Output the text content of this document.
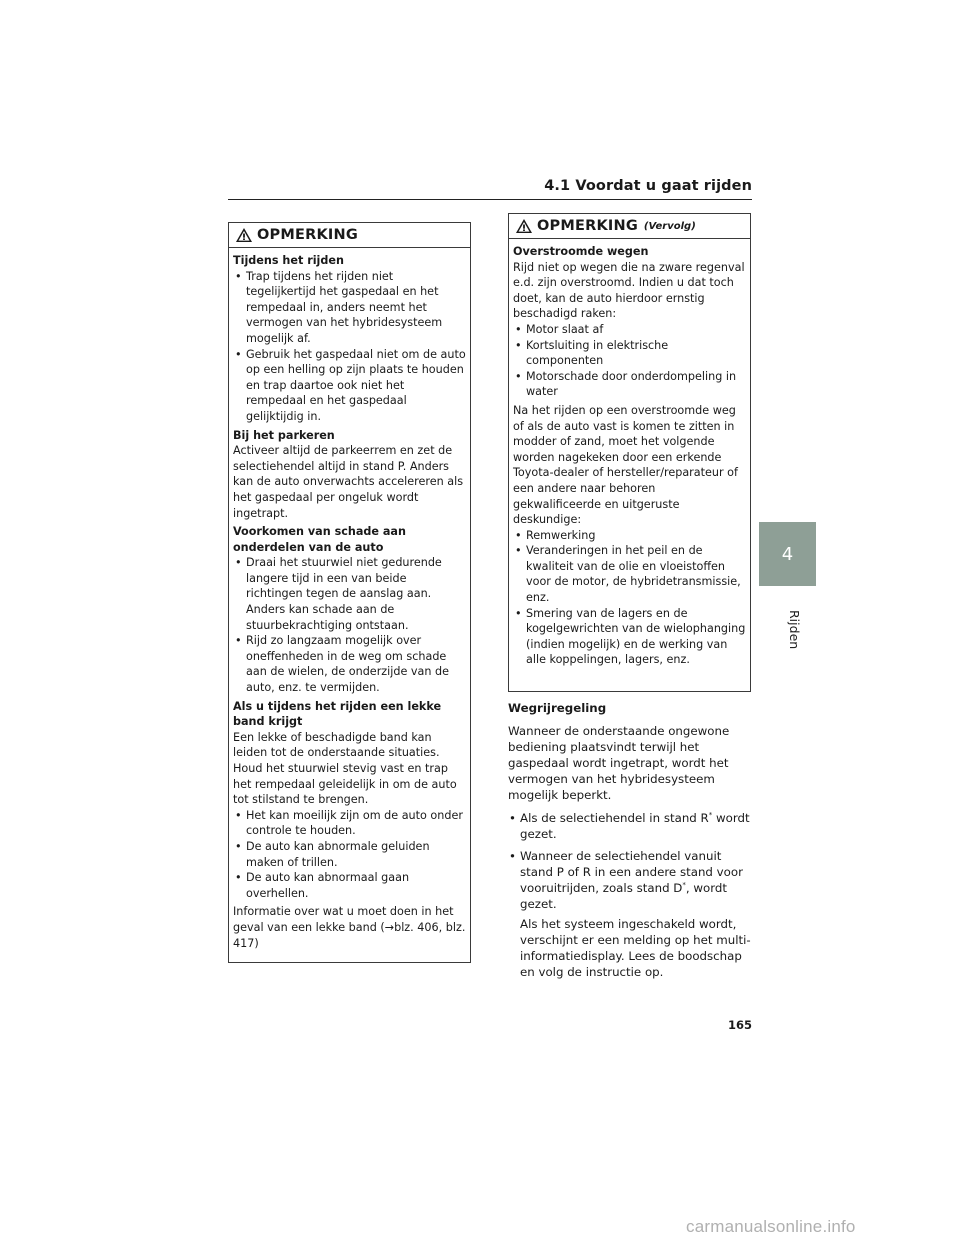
4.1 Voordat u gaat rijden
OPMERKING
Tijdens het rijden
• Trap tijdens het rijden niet tegelijkertijd het gaspedaal en het rempedaal in, anders neemt het vermogen van het hybridesysteem mogelijk af.
• Gebruik het gaspedaal niet om de auto op een helling op zijn plaats te houden en trap daartoe ook niet het rempedaal en het gaspedaal gelijktijdig in.
Bij het parkeren

Activeer altijd de parkeerrem en zet de selectiehendel altijd in stand P. Anders kan de auto onverwachts accelereren als het gaspedaal per ongeluk wordt ingetrapt.

Voorkomen van schade aan onderdelen van de auto
• Draai het stuurwiel niet gedurende langere tijd in een van beide richtingen tegen de aanslag aan. Anders kan schade aan de stuurbekrachtiging ontstaan.
• Rijd zo langzaam mogelijk over oneffenheden in de weg om schade aan de wielen, de onderzijde van de auto, enz. te vermijden.
Als u tijdens het rijden een lekke band krijgt

Een lekke of beschadigde band kan leiden tot de onderstaande situaties. Houd het stuurwiel stevig vast en trap het rempedaal geleidelijk in om de auto tot stilstand te brengen.

• Het kan moeilijk zijn om de auto onder controle te houden.
• De auto kan abnormale geluiden maken of trillen.
• De auto kan abnormaal gaan overhellen.

Informatie over wat u moet doen in het geval van een lekke band (→blz. 406, blz. 417)

OPMERKING (Vervolg)
Overstroomde wegen

Rijd niet op wegen die na zware regenval e.d. zijn overstroomd. Indien u dat toch doet, kan de auto hierdoor ernstig beschadigd raken:

• Motor slaat af
• Kortsluiting in elektrische componenten
• Motorschade door onderdompeling in water

Na het rijden op een overstroomde weg of als de auto vast is komen te zitten in modder of zand, moet het volgende worden nagekeken door een erkende Toyota-dealer of hersteller/reparateur of een andere naar behoren gekwalificeerde en uitgeruste deskundige:

• Remwerking
• Veranderingen in het peil en de kwaliteit van de olie en vloeistoffen voor de motor, de hybridetransmissie, enz.
• Smering van de lagers en de kogelgewrichten van de wielophanging (indien mogelijk) en de werking van alle koppelingen, lagers, enz.
Wegrijregeling

Wanneer de onderstaande ongewone bediening plaatsvindt terwijl het gaspedaal wordt ingetrapt, wordt het vermogen van het hybridesysteem mogelijk beperkt.

• Als de selectiehendel in stand R* wordt gezet.
• Wanneer de selectiehendel vanuit stand P of R in een andere stand voor vooruitrijden, zoals stand D*, wordt gezet.

Als het systeem ingeschakeld wordt, verschijnt er een melding op het multi-informatiedisplay. Lees de boodschap en volg de instructie op.

4
Rijden
165
carmanualsonline.info
